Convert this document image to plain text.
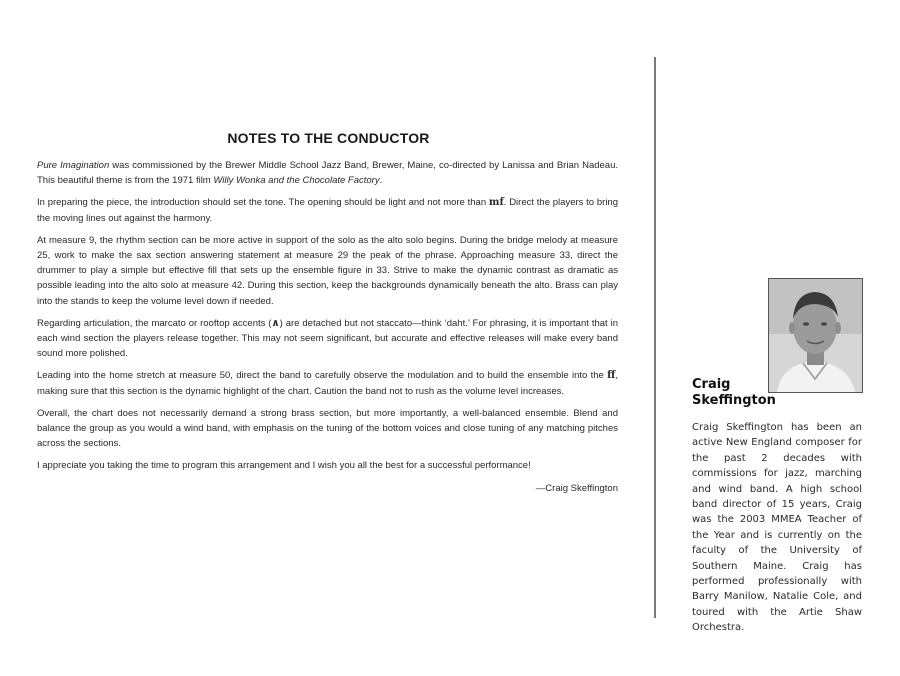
NOTES TO THE CONDUCTOR

Pure Imagination was commissioned by the Brewer Middle School Jazz Band, Brewer, Maine, co-directed by Lanissa and Brian Nadeau. This beautiful theme is from the 1971 film Willy Wonka and the Chocolate Factory.

In preparing the piece, the introduction should set the tone. The opening should be light and not more than mf. Direct the players to bring the moving lines out against the harmony.

At measure 9, the rhythm section can be more active in support of the solo as the alto solo begins. During the bridge melody at measure 25, work to make the sax section answering statement at measure 29 the peak of the phrase. Approaching measure 33, direct the drummer to play a simple but effective fill that sets up the ensemble figure in 33. Strive to make the dynamic contrast as dramatic as possible leading into the alto solo at measure 42. During this section, keep the backgrounds dynamically beneath the alto. Brass can play into the stands to keep the volume level down if needed.

Regarding articulation, the marcato or rooftop accents (∧) are detached but not staccato—think ‘daht.’ For phrasing, it is important that in each wind section the players release together. This may not seem significant, but accurate and effective releases will make every band sound more polished.

Leading into the home stretch at measure 50, direct the band to carefully observe the modulation and to build the ensemble into the ff, making sure that this section is the dynamic highlight of the chart. Caution the band not to rush as the volume level increases.

Overall, the chart does not necessarily demand a strong brass section, but more importantly, a well-balanced ensemble. Blend and balance the group as you would a wind band, with emphasis on the tuning of the bottom voices and close tuning of any matching pitches across the sections.

I appreciate you taking the time to program this arrangement and I wish you all the best for a successful performance!

—Craig Skeffington

Craig
Skeffington
Craig Skeffington has been an active New England composer for the past 2 decades with commissions for jazz, marching and wind band. A high school band director of 15 years, Craig was the 2003 MMEA Teacher of the Year and is currently on the faculty of the University of Southern Maine. Craig has performed professionally with Barry Manilow, Natalie Cole, and toured with the Artie Shaw Orchestra.
